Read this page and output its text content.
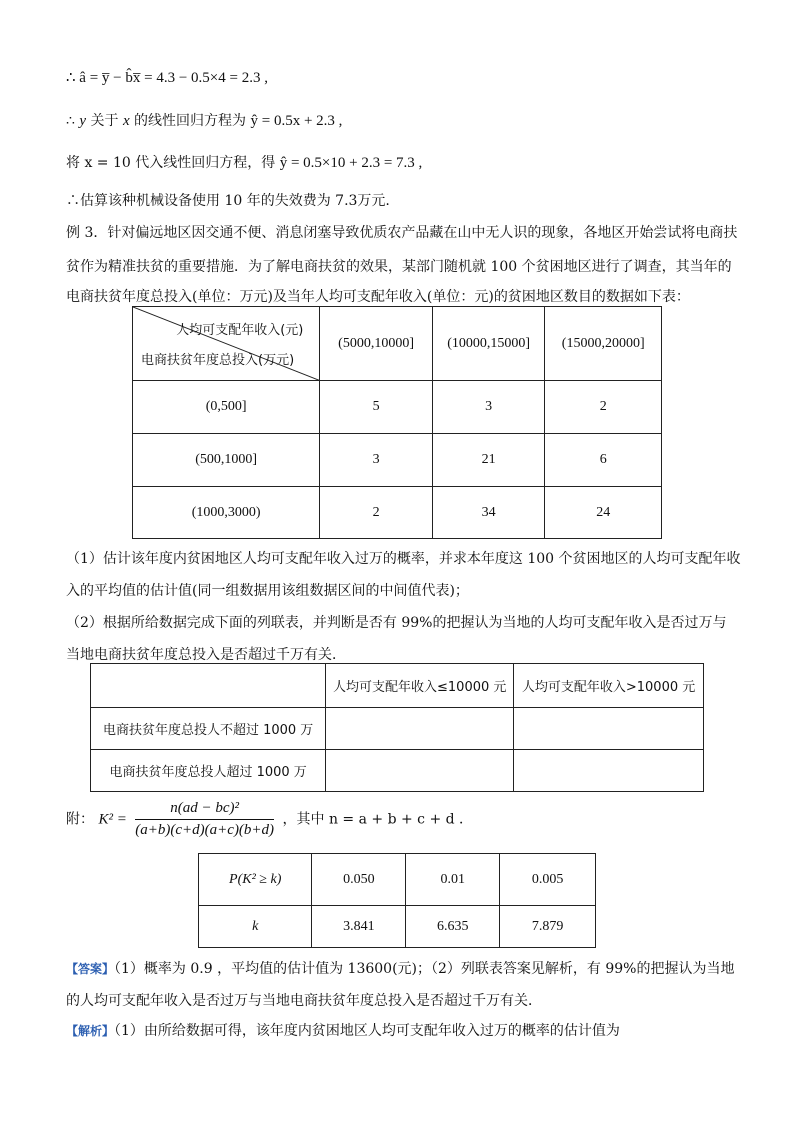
∴ â = y̅ − b̂x̅ = 4.3 − 0.5×4 = 2.3 ,
∴ y 关于 x 的线性回归方程为 ŷ = 0.5x + 2.3 ,
将 x = 10 代入线性回归方程，得 ŷ = 0.5×10 + 2.3 = 7.3 ,
∴估算该种机械设备使用 10 年的失效费为 7.3万元.
例 3．针对偏远地区因交通不便、消息闭塞导致优质农产品藏在山中无人识的现象，各地区开始尝试将电商扶
贫作为精准扶贫的重要措施．为了解电商扶贫的效果，某部门随机就 100 个贫困地区进行了调查，其当年的
电商扶贫年度总投入(单位：万元)及当年人均可支配年收入(单位：元)的贫困地区数目的数据如下表：
人均可支配年收入(元)
电商扶贫年度总投入(万元)	(5000,10000]	(10000,15000]	(15000,20000]
(0,500]	5	3	2
(500,1000]	3	21	6
(1000,3000)	2	34	24
（1）估计该年度内贫困地区人均可支配年收入过万的概率，并求本年度这 100 个贫困地区的人均可支配年收
入的平均值的估计值(同一组数据用该组数据区间的中间值代表)；
（2）根据所给数据完成下面的列联表，并判断是否有 99%的把握认为当地的人均可支配年收入是否过万与
当地电商扶贫年度总投入是否超过千万有关．
	人均可支配年收入≤10000 元	人均可支配年收入>10000 元
电商扶贫年度总投人不超过 1000 万		
电商扶贫年度总投人超过 1000 万		
附： $K^2 = \frac{\text{n(ad − bc)²}}{(a+b)(c+d)(a+c)(b+d)}$ ，其中 n = a + b + c + d ．
P(K² ≥ k)	0.050	0.01	0.005
k	3.841	6.635	7.879
【答案】（1）概率为 0.9 ，平均值的估计值为 13600(元)；（2）列联表答案见解析，有 99%的把握认为当地
的人均可支配年收入是否过万与当地电商扶贫年度总投入是否超过千万有关．
【解析】（1）由所给数据可得，该年度内贫困地区人均可支配年收入过万的概率的估计值为
